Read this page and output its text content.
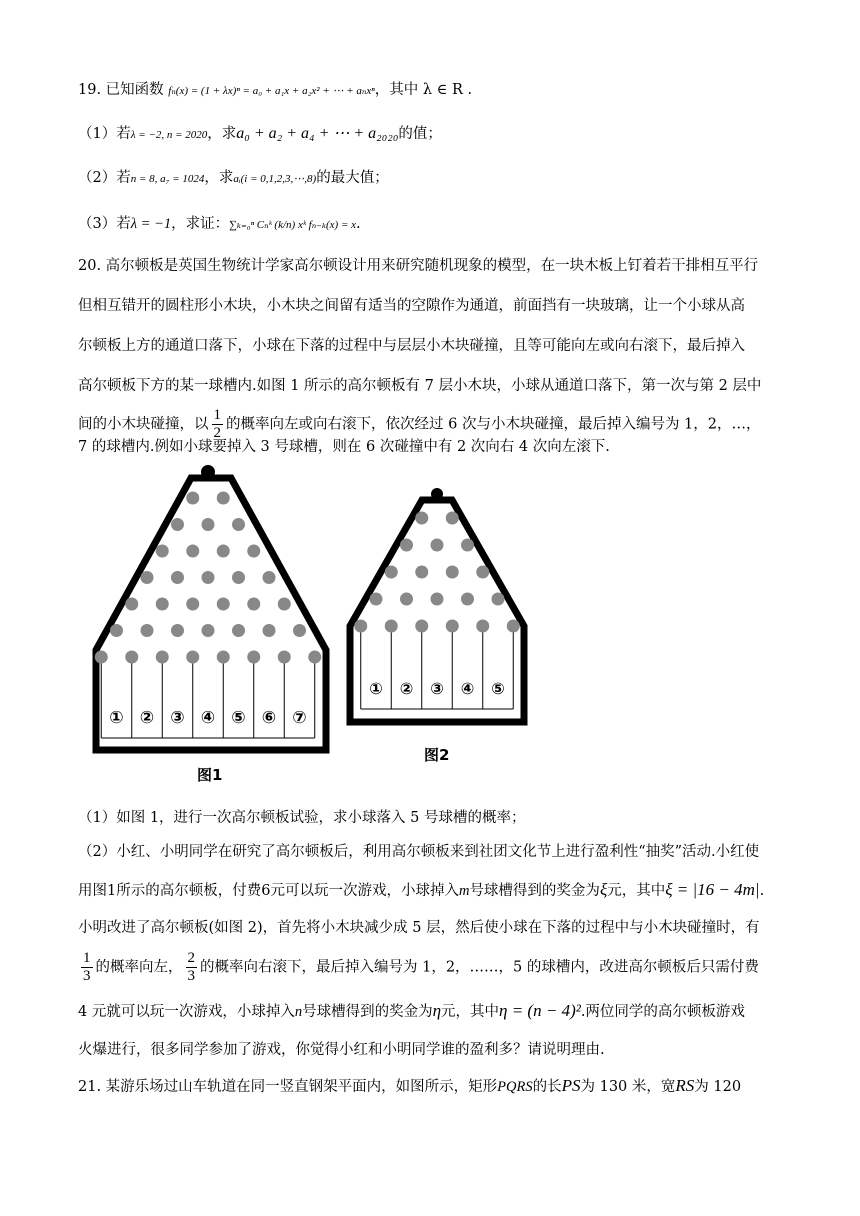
19. 已知函数 fₙ(x) = (1 + λx)ⁿ = a₀ + a₁x + a₂x² + ⋯ + aₙxⁿ，其中 λ ∈ R .
（1）若λ = −2, n = 2020，求a₀ + a₂ + a₄ + ⋯ + a₂₀₂₀的值；
（2）若n = 8, a₇ = 1024，求aᵢ(i = 0,1,2,3,⋯,8)的最大值；
（3）若λ = −1，求证：∑ₖ₌₀ⁿ Cₙᵏ (k/n) xᵏ fₙ₋ₖ(x) = x.
20. 高尔顿板是英国生物统计学家高尔顿设计用来研究随机现象的模型，在一块木板上钉着若干排相互平行
但相互错开的圆柱形小木块，小木块之间留有适当的空隙作为通道，前面挡有一块玻璃，让一个小球从高
尔顿板上方的通道口落下，小球在下落的过程中与层层小木块碰撞，且等可能向左或向右滚下，最后掉入
高尔顿板下方的某一球槽内.如图 1 所示的高尔顿板有 7 层小木块，小球从通道口落下，第一次与第 2 层中
间的小木块碰撞，以 $\frac{1}{2}$ 的概率向左或向右滚下，依次经过 6 次与小木块碰撞，最后掉入编号为 1，2，…，
7 的球槽内.例如小球要掉入 3 号球槽，则在 6 次碰撞中有 2 次向右 4 次向左滚下.
① ② ③ ④ ⑤ ⑥ ⑦
图1
① ② ③ ④ ⑤
图2
（1）如图 1，进行一次高尔顿板试验，求小球落入 5 号球槽的概率；
（2）小红、小明同学在研究了高尔顿板后，利用高尔顿板来到社团文化节上进行盈利性“抽奖”活动.小红使
用图1所示的高尔顿板，付费6元可以玩一次游戏，小球掉入m号球槽得到的奖金为ξ元，其中ξ = |16 − 4m|.
小明改进了高尔顿板(如图 2)，首先将小木块减少成 5 层，然后使小球在下落的过程中与小木块碰撞时，有
$\frac{1}{3}$ 的概率向左， $\frac{2}{3}$ 的概率向右滚下，最后掉入编号为 1，2，……，5 的球槽内，改进高尔顿板后只需付费
4 元就可以玩一次游戏，小球掉入n号球槽得到的奖金为η元，其中η = (n − 4)².两位同学的高尔顿板游戏
火爆进行，很多同学参加了游戏，你觉得小红和小明同学谁的盈利多？请说明理由.
21. 某游乐场过山车轨道在同一竖直钢架平面内，如图所示，矩形PQRS的长PS为 130 米，宽RS为 120
